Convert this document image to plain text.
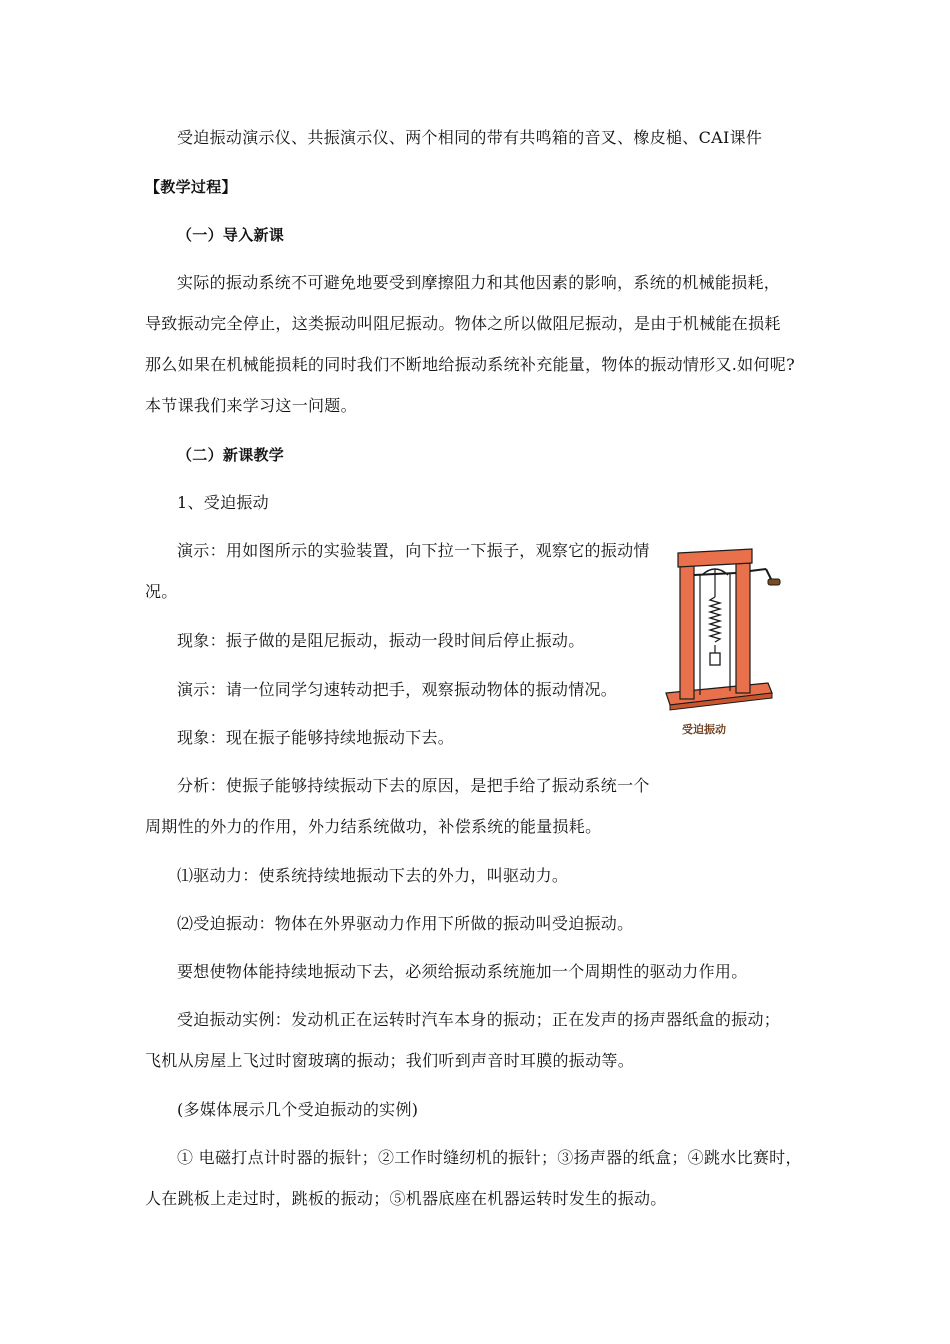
受迫振动演示仪、共振演示仪、两个相同的带有共鸣箱的音叉、橡皮槌、CAI课件
【教学过程】
（一）导入新课
实际的振动系统不可避免地要受到摩擦阻力和其他因素的影响，系统的机械能损耗，
导致振动完全停止，这类振动叫阻尼振动。物体之所以做阻尼振动，是由于机械能在损耗
那么如果在机械能损耗的同时我们不断地给振动系统补充能量，物体的振动情形又.如何呢?
本节课我们来学习这一问题。
（二）新课教学
1、受迫振动
演示：用如图所示的实验装置，向下拉一下振子，观察它的振动情
况。
现象：振子做的是阻尼振动，振动一段时间后停止振动。
演示：请一位同学匀速转动把手，观察振动物体的振动情况。
现象：现在振子能够持续地振动下去。
分析：使振子能够持续振动下去的原因，是把手给了振动系统一个
周期性的外力的作用，外力结系统做功，补偿系统的能量损耗。
⑴驱动力：使系统持续地振动下去的外力，叫驱动力。
⑵受迫振动：物体在外界驱动力作用下所做的振动叫受迫振动。
要想使物体能持续地振动下去，必须给振动系统施加一个周期性的驱动力作用。
受迫振动实例：发动机正在运转时汽车本身的振动；正在发声的扬声器纸盒的振动；
飞机从房屋上飞过时窗玻璃的振动；我们听到声音时耳膜的振动等。
(多媒体展示几个受迫振动的实例)
① 电磁打点计时器的振针；②工作时缝纫机的振针；③扬声器的纸盒；④跳水比赛时，
人在跳板上走过时，跳板的振动；⑤机器底座在机器运转时发生的振动。
受迫振动
